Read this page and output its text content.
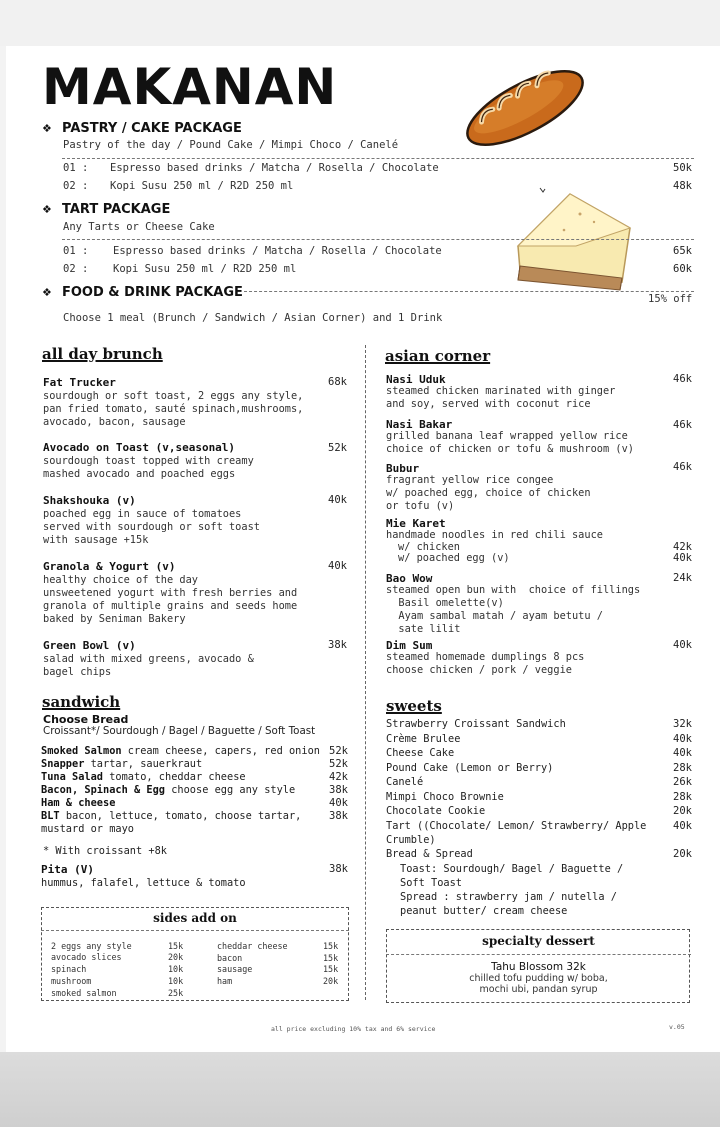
MAKANAN
❖ PASTRY / CAKE PACKAGE
Pastry of the day / Pound Cake / Mimpi Choco / Canelé
01 : Espresso based drinks / Matcha / Rosella / Chocolate	50k
02 : Kopi Susu 250 ml / R2D 250 ml	48k
❖ TART PACKAGE
Any Tarts or Cheese Cake
01 : Espresso based drinks / Matcha / Rosella / Chocolate	65k
02 : Kopi Susu 250 ml / R2D 250 ml	60k
❖ FOOD & DRINK PACKAGE	15% off
Choose 1 meal (Brunch / Sandwich / Asian Corner) and 1 Drink
all day brunch
Fat Trucker	68k
sourdough or soft toast, 2 eggs any style,
pan fried tomato, sauté spinach,mushrooms,
avocado, bacon, sausage
Avocado on Toast (v,seasonal)	52k
sourdough toast topped with creamy
mashed avocado and poached eggs
Shakshouka (v)	40k
poached egg in sauce of tomatoes
served with sourdough or soft toast
with sausage +15k
Granola & Yogurt (v)	40k
healthy choice of the day
unsweetened yogurt with fresh berries and
granola of multiple grains and seeds home
baked by Seniman Bakery
Green Bowl (v)	38k
salad with mixed greens, avocado &
bagel chips
sandwich
Choose Bread
Croissant*/ Sourdough / Bagel / Baguette / Soft Toast
Smoked Salmon cream cheese, capers, red onion 52k
Snapper tartar, sauerkraut	52k
Tuna Salad tomato, cheddar cheese	42k
Bacon, Spinach & Egg choose egg any style	38k
Ham & cheese	40k
BLT bacon, lettuce, tomato, choose tartar,	38k
mustard or mayo
* With croissant +8k
Pita (V)	38k
hummus, falafel, lettuce & tomato
sides add on
2 eggs any style	15k
avocado slices	20k
spinach	10k
mushroom	10k
smoked salmon	25k
cheddar cheese	15k
bacon	15k
sausage	15k
ham	20k
asian corner
Nasi Uduk	46k
steamed chicken marinated with ginger
and soy, served with coconut rice
Nasi Bakar	46k
grilled banana leaf wrapped yellow rice
choice of chicken or tofu & mushroom (v)
Bubur	46k
fragrant yellow rice congee
w/ poached egg, choice of chicken
or tofu (v)
Mie Karet
handmade noodles in red chili sauce
w/ chicken	42k
w/ poached egg (v)	40k
Bao Wow	24k
steamed open bun with  choice of fillings
Basil omelette(v)
Ayam sambal matah / ayam betutu /
sate lilit
Dim Sum	40k
steamed homemade dumplings 8 pcs
choose chicken / pork / veggie
sweets
Strawberry Croissant Sandwich	32k
Crème Brulee	40k
Cheese Cake	40k
Pound Cake (Lemon or Berry)	28k
Canelé	26k
Mimpi Choco Brownie	28k
Chocolate Cookie	20k
Tart ((Chocolate/ Lemon/ Strawberry/ Apple	40k
Crumble)
Bread & Spread	20k
Toast: Sourdough/ Bagel / Baguette /
Soft Toast
Spread : strawberry jam / nutella /
peanut butter/ cream cheese
specialty dessert
Tahu Blossom 32k
chilled tofu pudding w/ boba,
mochi ubi, pandan syrup
all price excluding 10% tax and 6% service	v.05
